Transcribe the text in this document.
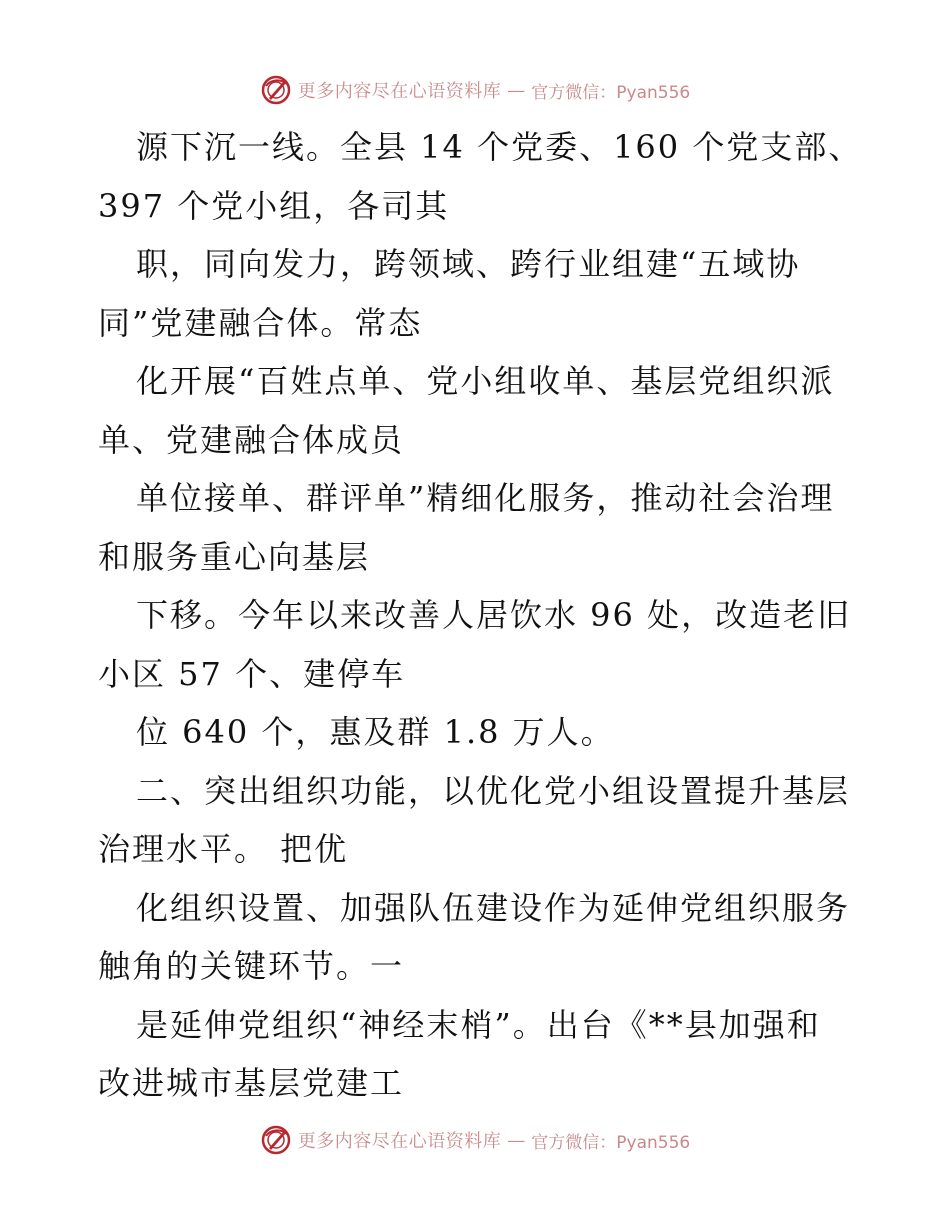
更多内容尽在心语资料库 — 官方微信：Pyan556
源下沉一线。全县 14 个党委、160 个党支部、
397 个党小组，各司其
职，同向发力，跨领域、跨行业组建“五域协
同”党建融合体。常态
化开展“百姓点单、党小组收单、基层党组织派
单、党建融合体成员
单位接单、群评单”精细化服务，推动社会治理
和服务重心向基层
下移。今年以来改善人居饮水 96 处，改造老旧
小区 57 个、建停车
位 640 个，惠及群 1.8 万人。
二、突出组织功能，以优化党小组设置提升基层
治理水平。 把优
化组织设置、加强队伍建设作为延伸党组织服务
触角的关键环节。一
是延伸党组织“神经末梢”。出台《**县加强和
改进城市基层党建工
更多内容尽在心语资料库 — 官方微信：Pyan556
